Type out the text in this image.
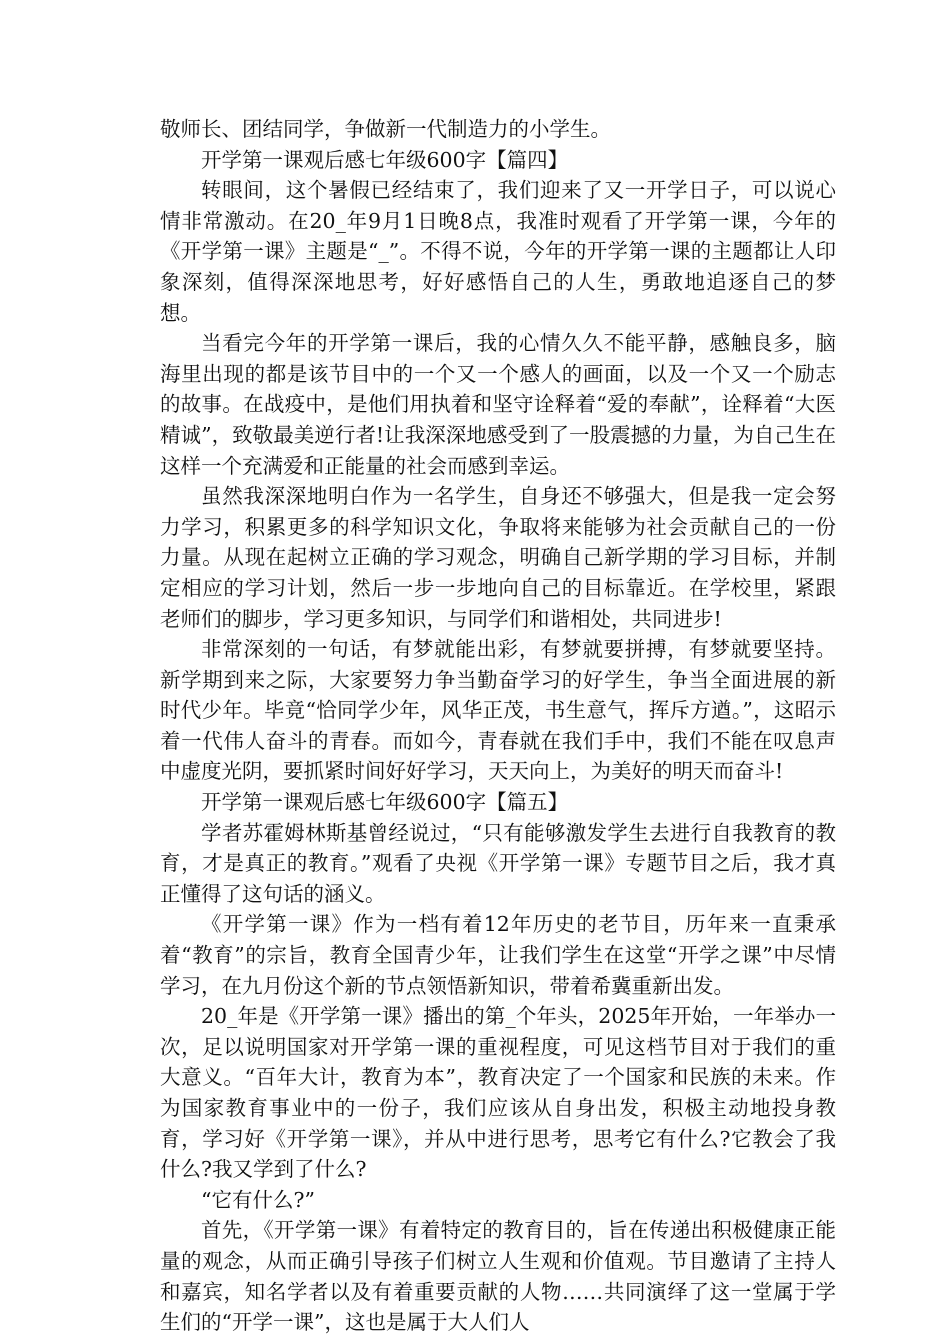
敬师长、团结同学，争做新一代制造力的小学生。

开学第一课观后感七年级600字【篇四】

转眼间，这个暑假已经结束了，我们迎来了又一开学日子，可以说心情非常激动。在20_年9月1日晚8点，我准时观看了开学第一课，今年的《开学第一课》主题是“_”。不得不说，今年的开学第一课的主题都让人印象深刻，值得深深地思考，好好感悟自己的人生，勇敢地追逐自己的梦想。

当看完今年的开学第一课后，我的心情久久不能平静，感触良多，脑海里出现的都是该节目中的一个又一个感人的画面，以及一个又一个励志的故事。在战疫中，是他们用执着和坚守诠释着“爱的奉献”，诠释着“大医精诚”，致敬最美逆行者!让我深深地感受到了一股震撼的力量，为自己生在这样一个充满爱和正能量的社会而感到幸运。

虽然我深深地明白作为一名学生，自身还不够强大，但是我一定会努力学习，积累更多的科学知识文化，争取将来能够为社会贡献自己的一份力量。从现在起树立正确的学习观念，明确自己新学期的学习目标，并制定相应的学习计划，然后一步一步地向自己的目标靠近。在学校里，紧跟老师们的脚步，学习更多知识，与同学们和谐相处，共同进步!

非常深刻的一句话，有梦就能出彩，有梦就要拼搏，有梦就要坚持。新学期到来之际，大家要努力争当勤奋学习的好学生，争当全面进展的新时代少年。毕竟“恰同学少年，风华正茂，书生意气，挥斥方遒。”，这昭示着一代伟人奋斗的青春。而如今，青春就在我们手中，我们不能在叹息声中虚度光阴，要抓紧时间好好学习，天天向上，为美好的明天而奋斗!

开学第一课观后感七年级600字【篇五】

学者苏霍姆林斯基曾经说过，“只有能够激发学生去进行自我教育的教育，才是真正的教育。”观看了央视《开学第一课》专题节目之后，我才真正懂得了这句话的涵义。

《开学第一课》作为一档有着12年历史的老节目，历年来一直秉承着“教育”的宗旨，教育全国青少年，让我们学生在这堂“开学之课”中尽情学习，在九月份这个新的节点领悟新知识，带着希冀重新出发。

20_年是《开学第一课》播出的第_个年头，2025年开始，一年举办一次，足以说明国家对开学第一课的重视程度，可见这档节目对于我们的重大意义。“百年大计，教育为本”，教育决定了一个国家和民族的未来。作为国家教育事业中的一份子，我们应该从自身出发，积极主动地投身教育，学习好《开学第一课》，并从中进行思考，思考它有什么?它教会了我什么?我又学到了什么?

“它有什么?”

首先，《开学第一课》有着特定的教育目的，旨在传递出积极健康正能量的观念，从而正确引导孩子们树立人生观和价值观。节目邀请了主持人和嘉宾，知名学者以及有着重要贡献的人物……共同演绎了这一堂属于学生们的“开学一课”，这也是属于大人们人
